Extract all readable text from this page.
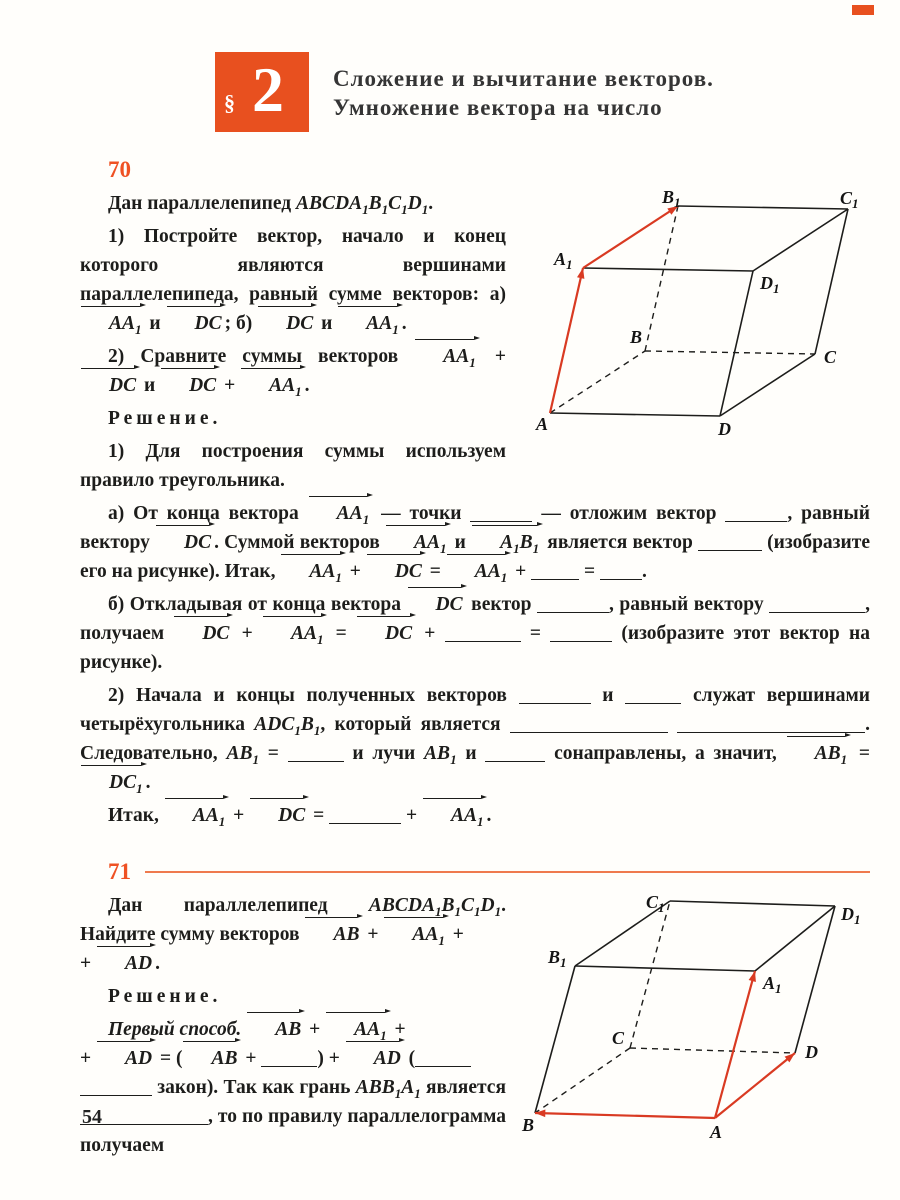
§ 2 Сложение и вычитание векторов.
Умножение вектора на число
70
A
B
C
D
$A_1$
$B_1$	$C_1$
$D_1$

Дан параллелепипед $ABCDA_1B_1C_1D_1$.

1) Постройте вектор, начало и конец которого являются вершинами параллелепипеда, равный сумме векторов: а) $AA_1$ и DC ; б) DC и $AA_1$ .

2) Сравните суммы векторов $AA_1$ + DC и DC + $AA_1$ .

Решение.

1) Для построения суммы используем правило треугольника.

а) От конца вектора $AA_1$ — точки	— отложим вектор	, равный вектору DC . Суммой векторов $AA_1$ и $A_1B_1$ является вектор	(изобразите его на рисунке). Итак, $AA_1$ + DC = $AA_1$ +  = .

б) Откладывая от конца вектора DC вектор	, равный вектору	, получаем DC + $AA_1$ = DC +	=	(изобразите этот вектор на рисунке).

2) Начала и концы полученных векторов	и	служат вершинами четырёхугольника $ADC_1B_1$, который является	. Следовательно, $AB_1$ =	и лучи $AB_1$ и	сонаправлены, а значит, $AB_1 = DC_1$ .

Итак, $AA_1$ + DC =	+ $AA_1$ .

71
B	A
D
C
$B_1$
$A_1$
$D_1$
$C_1$

Дан параллелепипед $ABCDA_1B_1C_1D_1$. Найдите сумму векторов AB + $AA_1$ +
+ AD .

Решение.

Первый способ. AB + $AA_1$ +
+ AD = ( AB +	) + AD (
закон). Так как грань $ABB_1A_1$ является , то по правилу параллелограмма получаем

54
